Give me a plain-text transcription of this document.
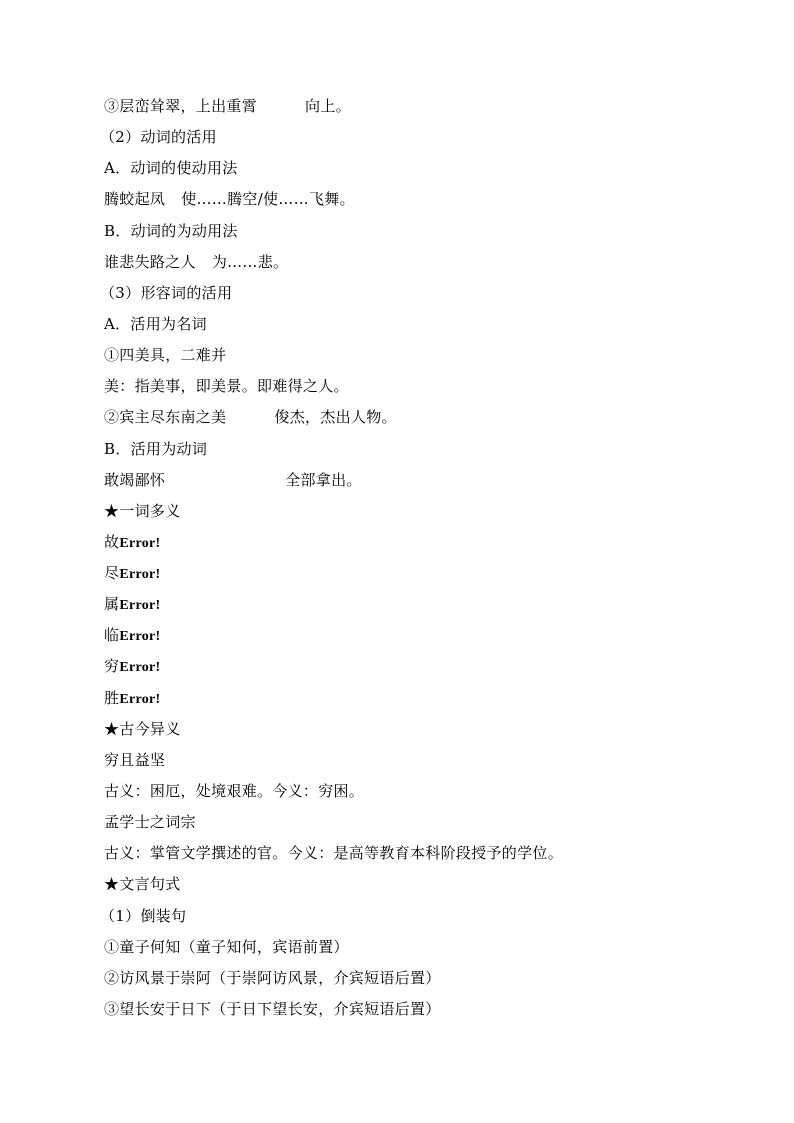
③层峦耸翠，上出重霄	向上。
（2）动词的活用
A．动词的使动用法
腾蛟起凤 使……腾空/使……飞舞。
B．动词的为动用法
谁悲失路之人 为……悲。
（3）形容词的活用
A．活用为名词
①四美具，二难并
美：指美事，即美景。即难得之人。
②宾主尽东南之美	俊杰，杰出人物。
B．活用为动词
敢竭鄙怀	全部拿出。
★一词多义
故Error!
尽Error!
属Error!
临Error!
穷Error!
胜Error!
★古今异义
穷且益坚
古义：困厄，处境艰难。今义：穷困。
孟学士之词宗
古义：掌管文学撰述的官。今义：是高等教育本科阶段授予的学位。
★文言句式
（1）倒装句
①童子何知（童子知何，宾语前置）
②访风景于崇阿（于崇阿访风景，介宾短语后置）
③望长安于日下（于日下望长安，介宾短语后置）
